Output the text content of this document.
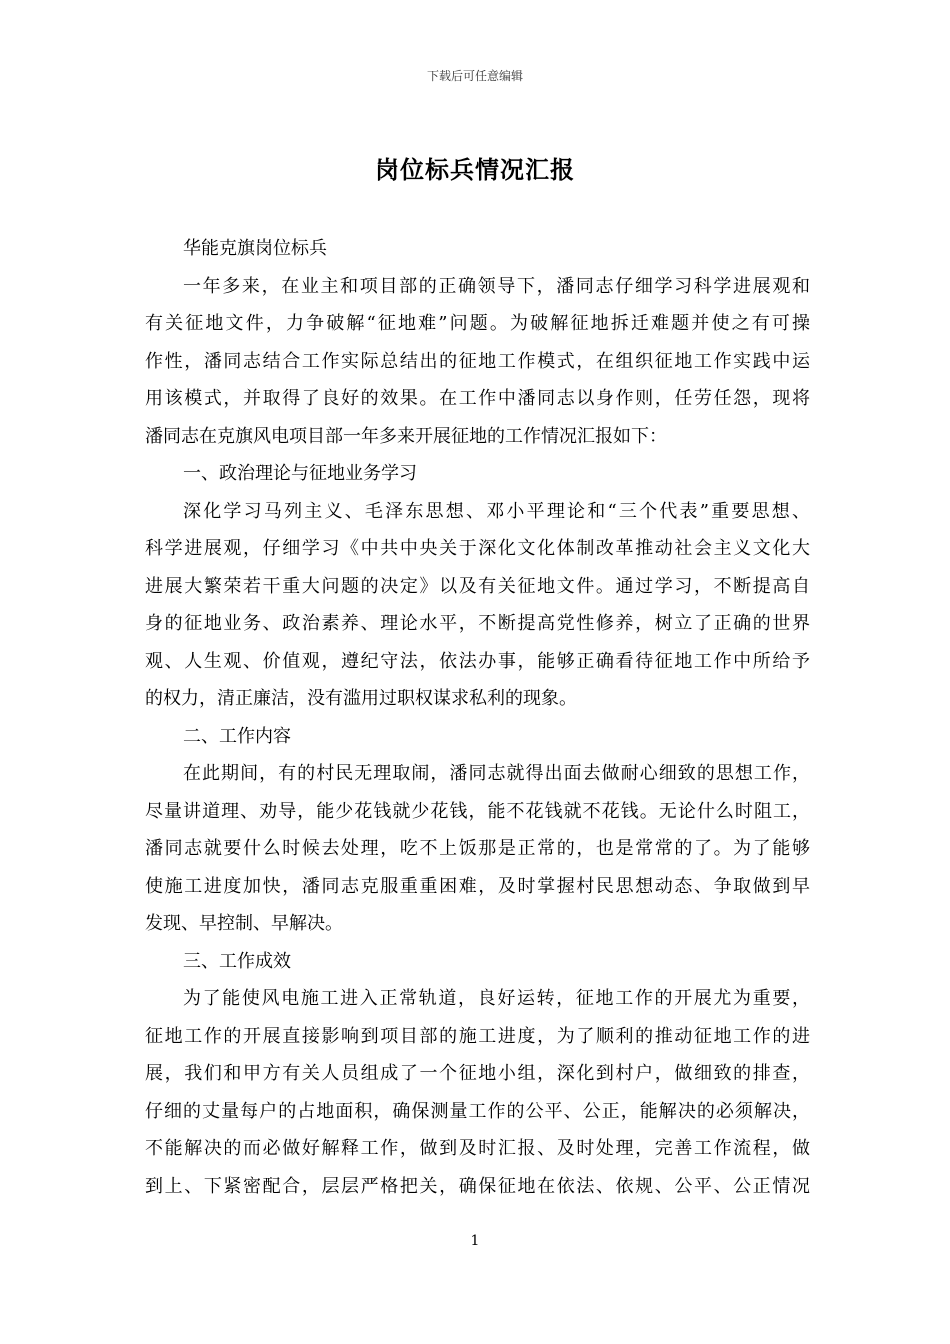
下载后可任意编辑
岗位标兵情况汇报
华能克旗岗位标兵
一年多来，在业主和项目部的正确领导下，潘同志仔细学习科学进展观和
有关征地文件，力争破解“征地难”问题。为破解征地拆迁难题并使之有可操
作性，潘同志结合工作实际总结出的征地工作模式，在组织征地工作实践中运
用该模式，并取得了良好的效果。在工作中潘同志以身作则，任劳任怨，现将
潘同志在克旗风电项目部一年多来开展征地的工作情况汇报如下：
一、政治理论与征地业务学习
深化学习马列主义、毛泽东思想、邓小平理论和“三个代表”重要思想、
科学进展观，仔细学习《中共中央关于深化文化体制改革推动社会主义文化大
进展大繁荣若干重大问题的决定》以及有关征地文件。通过学习，不断提高自
身的征地业务、政治素养、理论水平，不断提高党性修养，树立了正确的世界
观、人生观、价值观，遵纪守法，依法办事，能够正确看待征地工作中所给予
的权力，清正廉洁，没有滥用过职权谋求私利的现象。
二、工作内容
在此期间，有的村民无理取闹，潘同志就得出面去做耐心细致的思想工作，
尽量讲道理、劝导，能少花钱就少花钱，能不花钱就不花钱。无论什么时阻工，
潘同志就要什么时候去处理，吃不上饭那是正常的，也是常常的了。为了能够
使施工进度加快，潘同志克服重重困难，及时掌握村民思想动态、争取做到早
发现、早控制、早解决。
三、工作成效
为了能使风电施工进入正常轨道，良好运转，征地工作的开展尤为重要，
征地工作的开展直接影响到项目部的施工进度，为了顺利的推动征地工作的进
展，我们和甲方有关人员组成了一个征地小组，深化到村户，做细致的排查，
仔细的丈量每户的占地面积，确保测量工作的公平、公正，能解决的必须解决，
不能解决的而必做好解释工作，做到及时汇报、及时处理，完善工作流程，做
到上、下紧密配合，层层严格把关，确保征地在依法、依规、公平、公正情况
1
